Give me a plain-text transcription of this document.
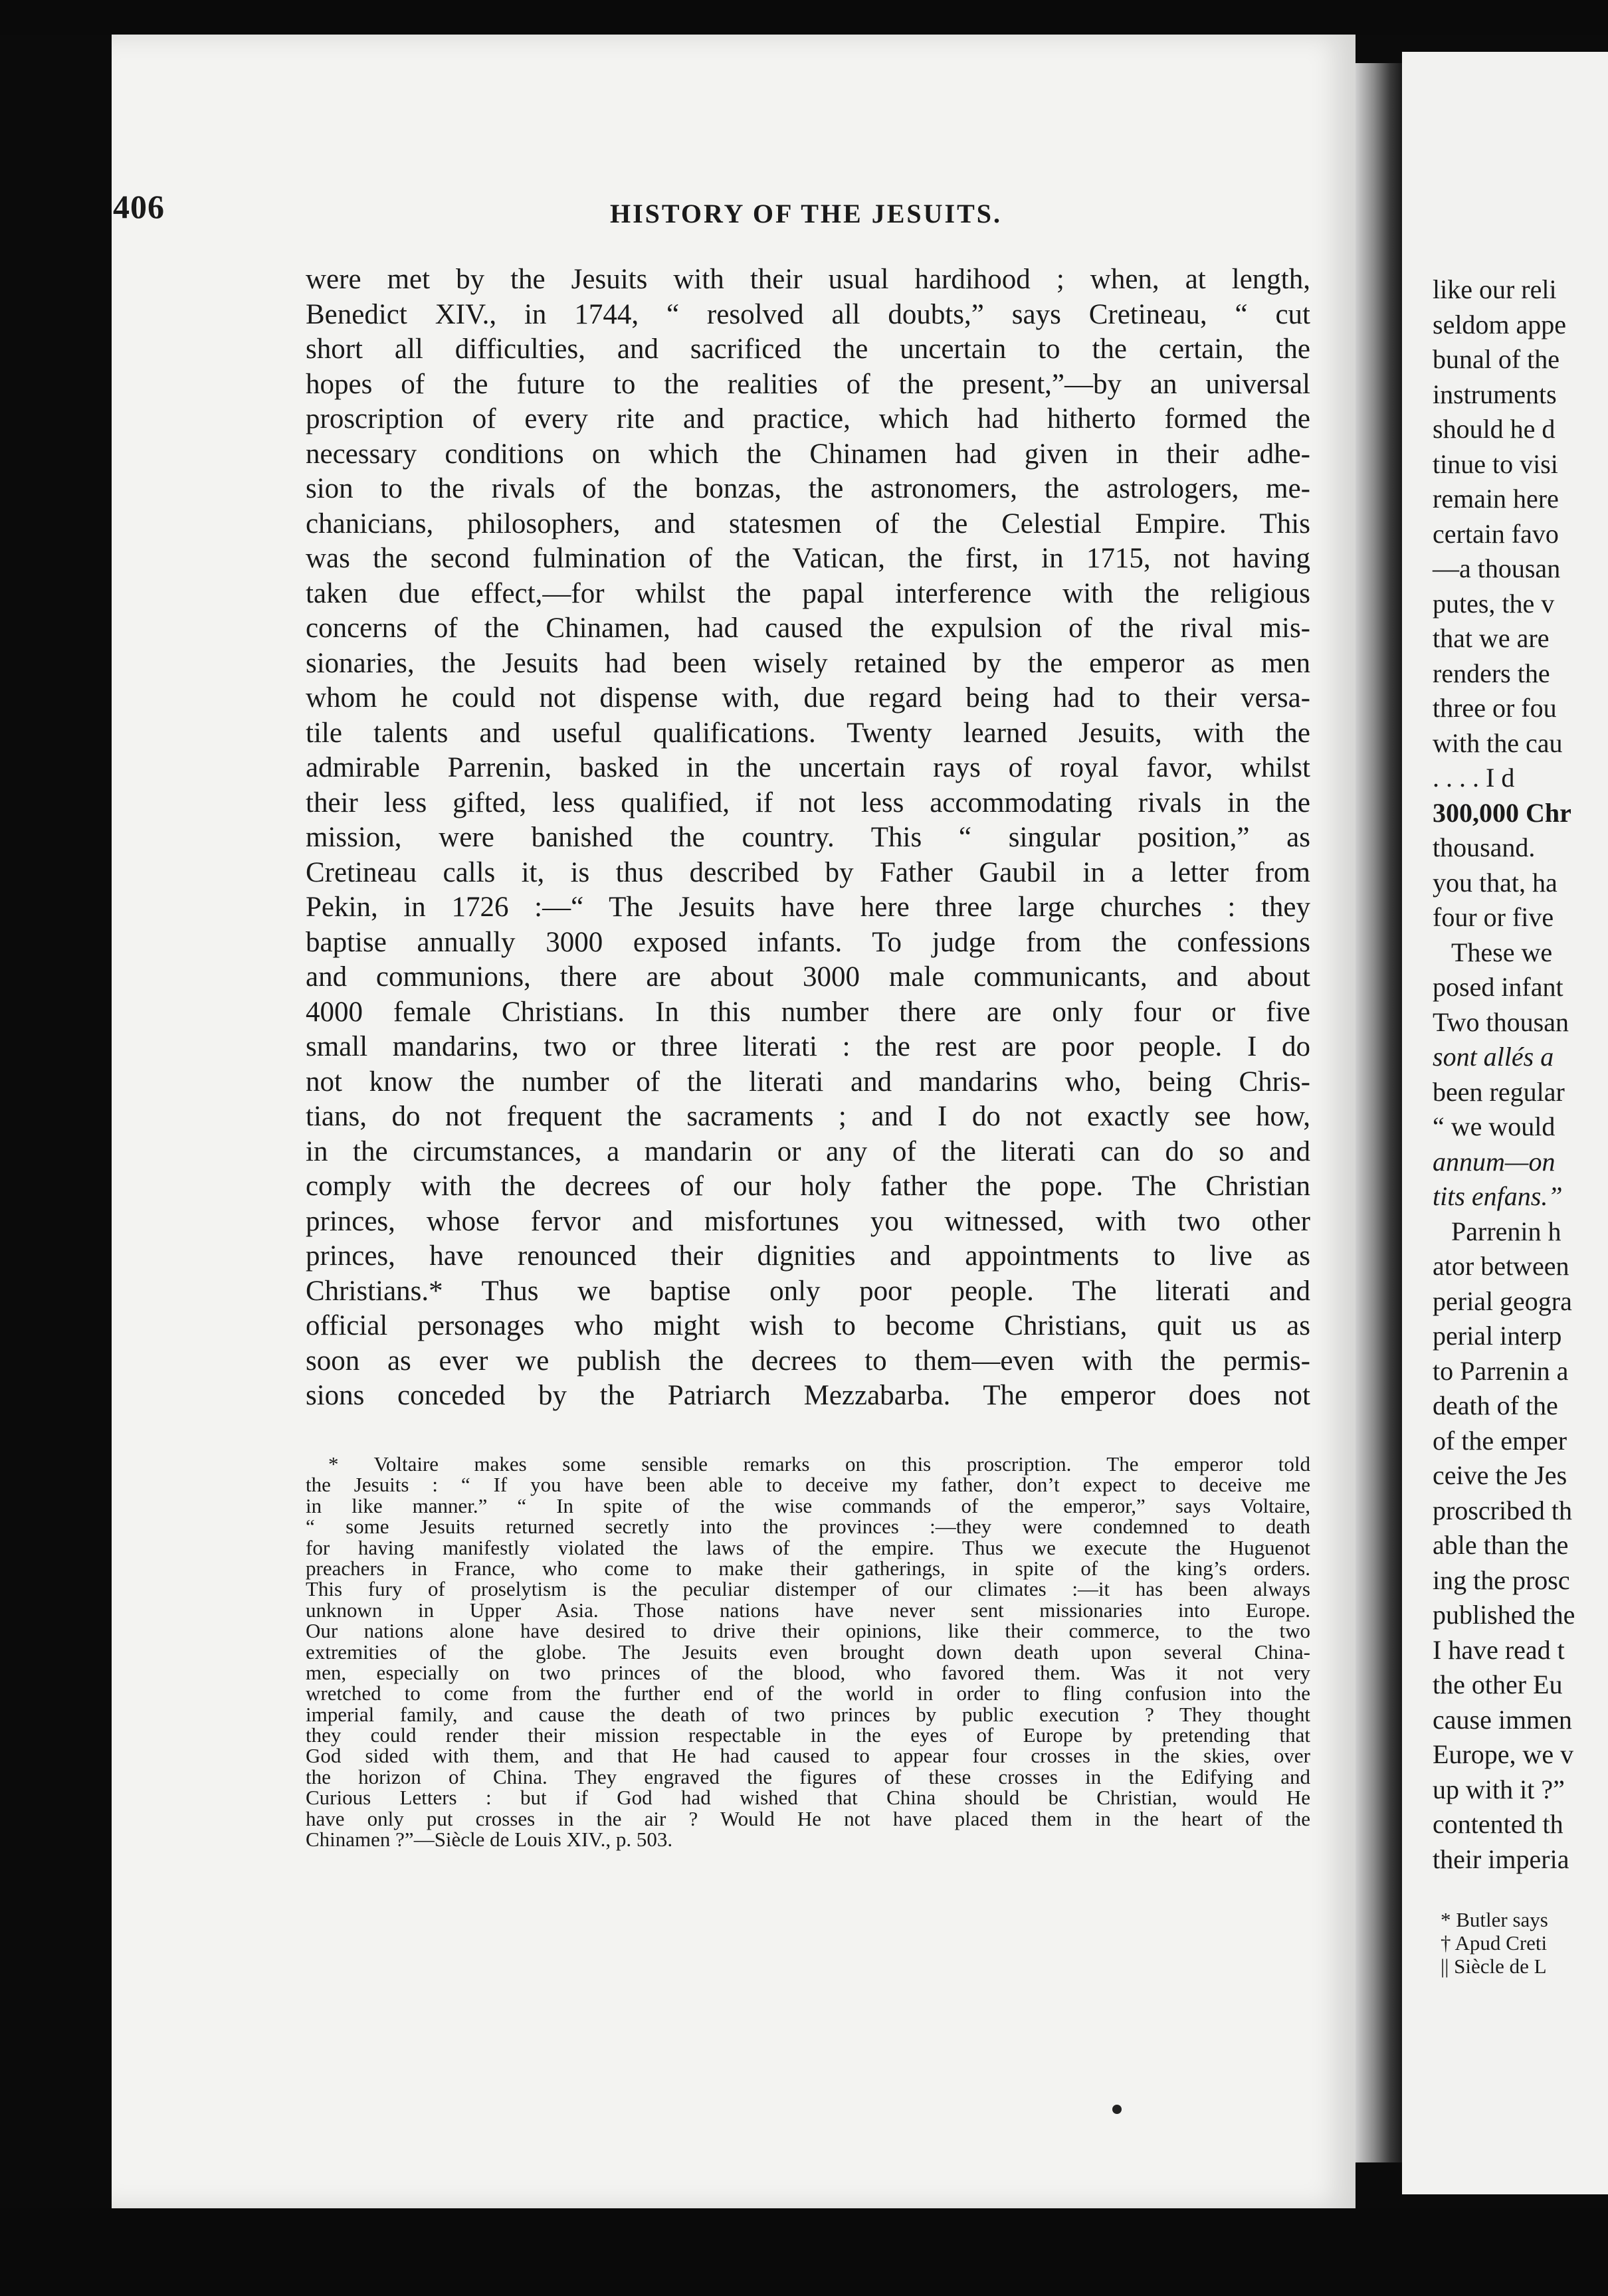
406	HISTORY OF THE JESUITS.
were met by the Jesuits with their usual hardihood ; when, at length,
Benedict XIV., in 1744, “ resolved all doubts,” says Cretineau, “ cut
short all difficulties, and sacrificed the uncertain to the certain, the
hopes of the future to the realities of the present,”—by an universal
proscription of every rite and practice, which had hitherto formed the
necessary conditions on which the Chinamen had given in their adhe-
sion to the rivals of the bonzas, the astronomers, the astrologers, me-
chanicians, philosophers, and statesmen of the Celestial Empire. This
was the second fulmination of the Vatican, the first, in 1715, not having
taken due effect,—for whilst the papal interference with the religious
concerns of the Chinamen, had caused the expulsion of the rival mis-
sionaries, the Jesuits had been wisely retained by the emperor as men
whom he could not dispense with, due regard being had to their versa-
tile talents and useful qualifications. Twenty learned Jesuits, with the
admirable Parrenin, basked in the uncertain rays of royal favor, whilst
their less gifted, less qualified, if not less accommodating rivals in the
mission, were banished the country. This “ singular position,” as
Cretineau calls it, is thus described by Father Gaubil in a letter from
Pekin, in 1726 :—“ The Jesuits have here three large churches : they
baptise annually 3000 exposed infants. To judge from the confessions
and communions, there are about 3000 male communicants, and about
4000 female Christians. In this number there are only four or five
small mandarins, two or three literati : the rest are poor people. I do
not know the number of the literati and mandarins who, being Chris-
tians, do not frequent the sacraments ; and I do not exactly see how,
in the circumstances, a mandarin or any of the literati can do so and
comply with the decrees of our holy father the pope. The Christian
princes, whose fervor and misfortunes you witnessed, with two other
princes, have renounced their dignities and appointments to live as
Christians.* Thus we baptise only poor people. The literati and
official personages who might wish to become Christians, quit us as
soon as ever we publish the decrees to them—even with the permis-
sions conceded by the Patriarch Mezzabarba. The emperor does not
* Voltaire makes some sensible remarks on this proscription. The emperor told
the Jesuits : “ If you have been able to deceive my father, don’t expect to deceive me
in like manner.” “ In spite of the wise commands of the emperor,” says Voltaire,
“ some Jesuits returned secretly into the provinces :—they were condemned to death
for having manifestly violated the laws of the empire. Thus we execute the Huguenot
preachers in France, who come to make their gatherings, in spite of the king’s orders.
This fury of proselytism is the peculiar distemper of our climates :—it has been always
unknown in Upper Asia. Those nations have never sent missionaries into Europe.
Our nations alone have desired to drive their opinions, like their commerce, to the two
extremities of the globe. The Jesuits even brought down death upon several China-
men, especially on two princes of the blood, who favored them. Was it not very
wretched to come from the further end of the world in order to fling confusion into the
imperial family, and cause the death of two princes by public execution ? They thought
they could render their mission respectable in the eyes of Europe by pretending that
God sided with them, and that He had caused to appear four crosses in the skies, over
the horizon of China. They engraved the figures of these crosses in the Edifying and
Curious Letters : but if God had wished that China should be Christian, would He
have only put crosses in the air ? Would He not have placed them in the heart of the
Chinamen ?”—Siècle de Louis XIV., p. 503.
like our reli
seldom appe
bunal of the
instruments
should he d
tinue to visi
remain here
certain favo
—a thousan
putes, the v
that we are
renders the
three or fou
with the cau
. . . . I d
300,000 Chr
thousand.
you that, ha
four or five
These we
posed infant
Two thousan
sont allés a
been regular
“ we would
annum—on
tits enfans.”
Parrenin h
ator between
perial geogra
perial interp
to Parrenin a
death of the
of the emper
ceive the Jes
proscribed th
able than the
ing the prosc
published the
I have read t
the other Eu
cause immen
Europe, we v
up with it ?”
contented th
their imperia
* Butler says
† Apud Creti
|| Siècle de L
